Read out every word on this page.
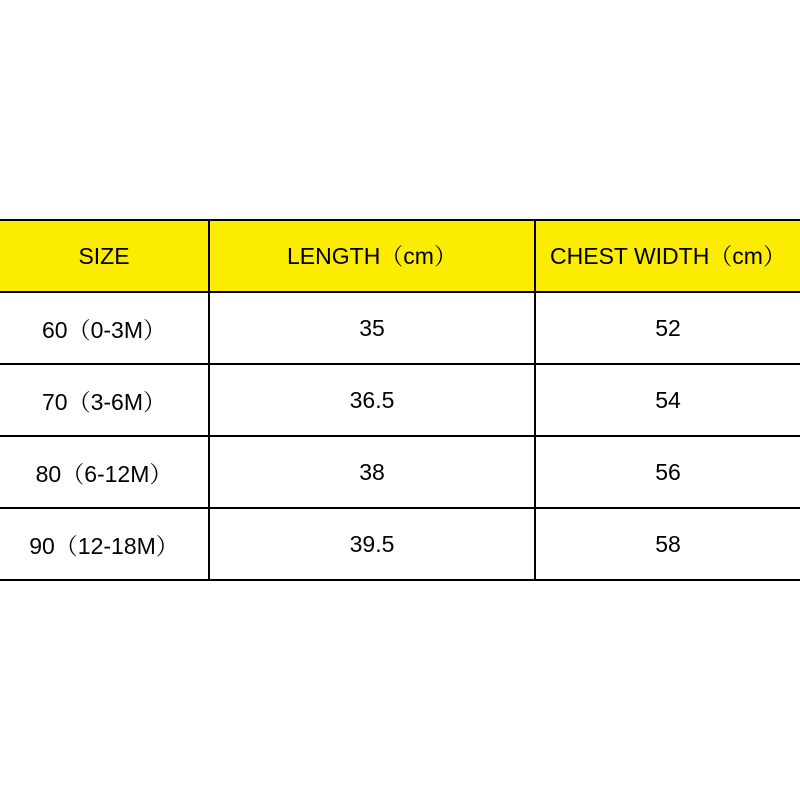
SIZE	LENGTH（cm）	CHEST WIDTH（cm）
60（0-3M）	35	52
70（3-6M）	36.5	54
80（6-12M）	38	56
90（12-18M）	39.5	58
